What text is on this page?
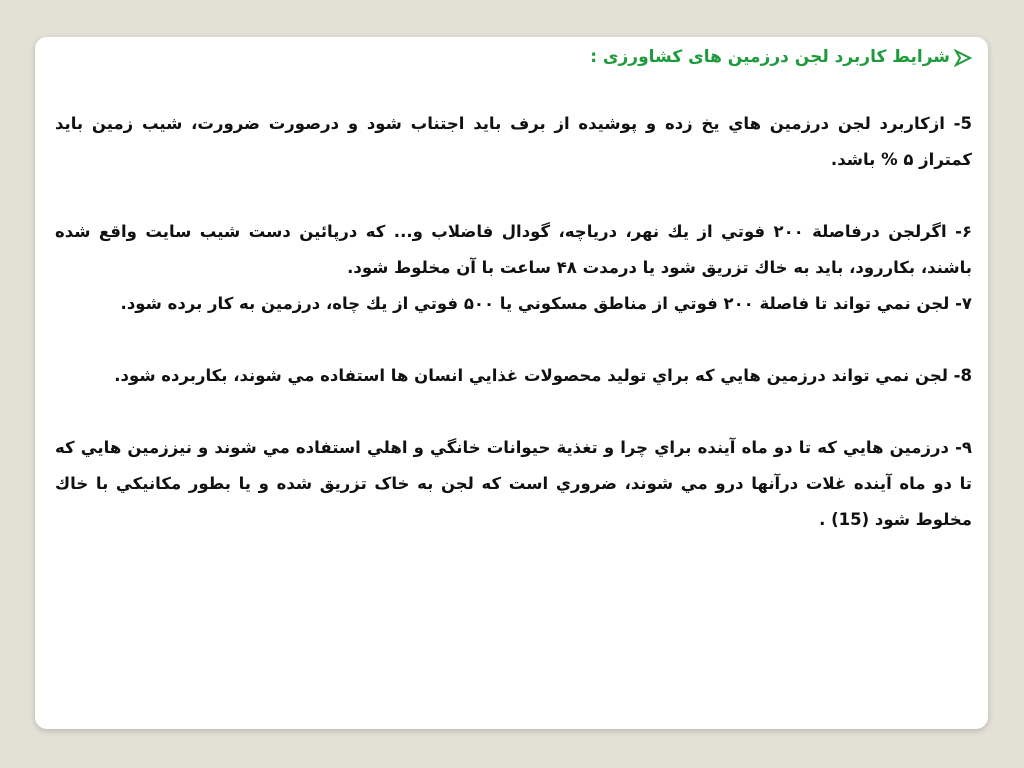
شرایط کاربرد لجن درزمین های کشاورزی :

5- ازكاربرد لجن درزمين هاي يخ زده و پوشيده از برف بايد اجتناب شود و درصورت ضرورت، شيب زمين بايد كمتراز ۵ % باشد.

۶- اگرلجن درفاصلة ۲۰۰ فوتي از يك نهر، درياچه، گودال فاضلاب و... كه درپائين دست شيب سايت واقع شده باشند، بكاررود، بايد به خاك تزريق شود يا درمدت ۴۸ ساعت با آن مخلوط شود.

۷- لجن نمي تواند تا فاصلة ۲۰۰ فوتي از مناطق مسكوني يا ۵۰۰ فوتي از يك چاه، درزمين به كار برده شود.

8- لجن نمي تواند درزمين هايي كه براي توليد محصولات غذايي انسان ها استفاده مي شوند، بكاربرده شود.

۹- درزمين هايي كه تا دو ماه آينده براي چرا و تغذية حيوانات خانگي و اهلي استفاده مي شوند و نيززمين هايي كه تا دو ماه آينده غلات درآنها درو مي شوند، ضروري است كه لجن به خاک تزریق شده و یا بطور مكانيكي با خاك مخلوط شود (15) .
